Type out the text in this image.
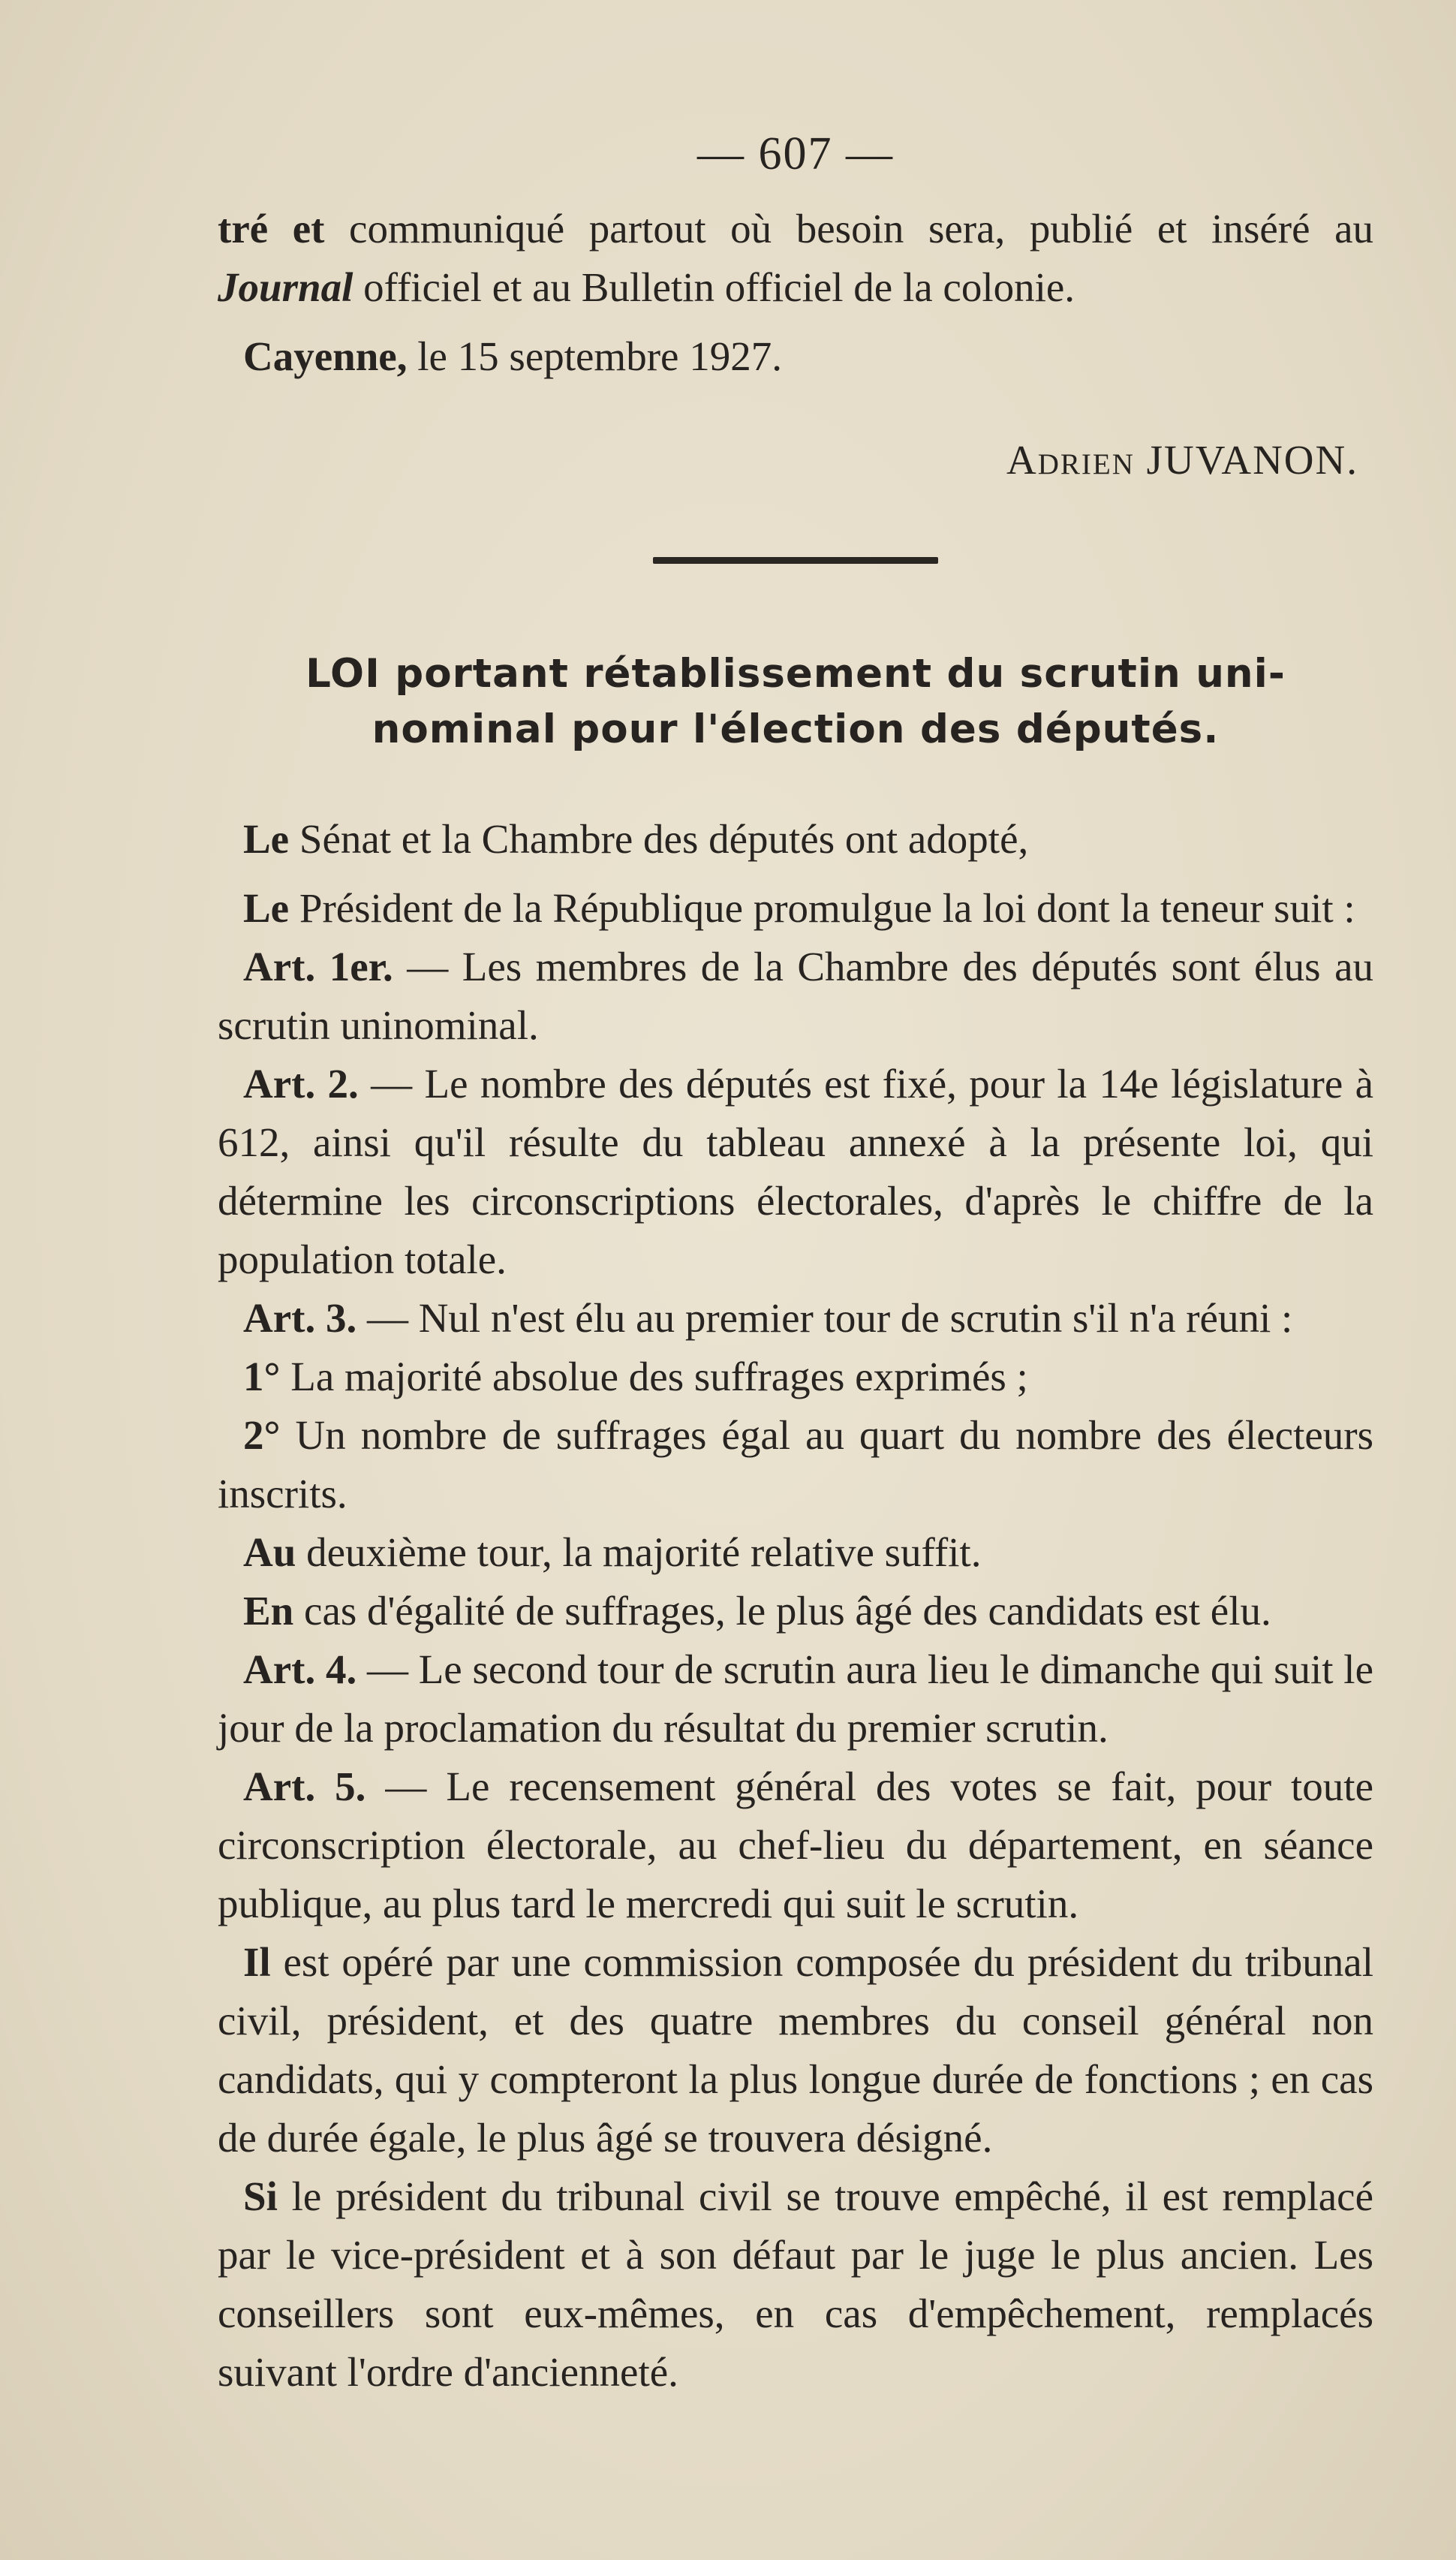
— 607 —

tré et communiqué partout où besoin sera, publié et inséré au Journal officiel et au Bulletin officiel de la colonie.

Cayenne, le 15 septembre 1927.

Adrien JUVANON.
LOI portant rétablissement du scrutin uni-
nominal pour l'élection des députés.

Le Sénat et la Chambre des députés ont adopté,

Le Président de la République promulgue la loi dont la teneur suit :

Art. 1er. — Les membres de la Chambre des députés sont élus au scrutin uninominal.

Art. 2. — Le nombre des députés est fixé, pour la 14e législature à 612, ainsi qu'il résulte du tableau annexé à la présente loi, qui détermine les circonscriptions électorales, d'après le chiffre de la population totale.

Art. 3. — Nul n'est élu au premier tour de scrutin s'il n'a réuni :

1° La majorité absolue des suffrages exprimés ;

2° Un nombre de suffrages égal au quart du nombre des électeurs inscrits.

Au deuxième tour, la majorité relative suffit.

En cas d'égalité de suffrages, le plus âgé des candidats est élu.

Art. 4. — Le second tour de scrutin aura lieu le dimanche qui suit le jour de la proclamation du résultat du premier scrutin.

Art. 5. — Le recensement général des votes se fait, pour toute circonscription électorale, au chef-lieu du département, en séance publique, au plus tard le mercredi qui suit le scrutin.

Il est opéré par une commission composée du président du tribunal civil, président, et des quatre membres du conseil général non candidats, qui y compteront la plus longue durée de fonctions ; en cas de durée égale, le plus âgé se trouvera désigné.

Si le président du tribunal civil se trouve empêché, il est remplacé par le vice-président et à son défaut par le juge le plus ancien. Les conseillers sont eux-mêmes, en cas d'empêchement, remplacés suivant l'ordre d'ancienneté.
